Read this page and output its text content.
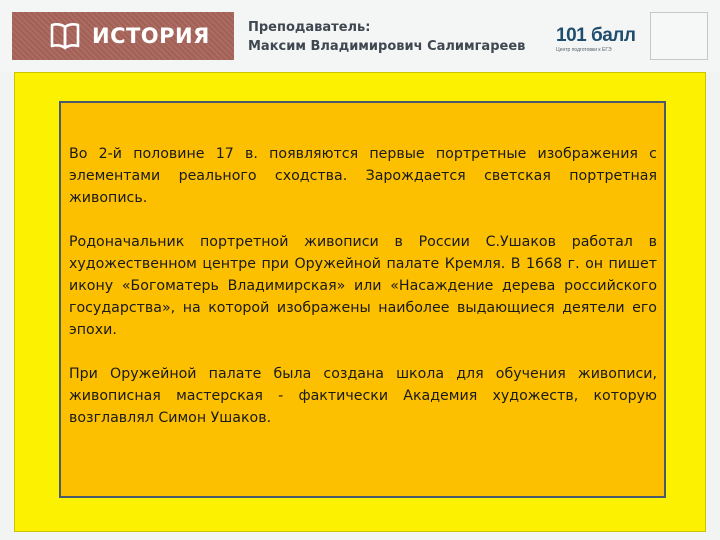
ИСТОРИЯ	Преподаватель:
Максим Владимирович Салимгареев
101 балл
Центр подготовки к ЕГЭ

Во 2-й половине 17 в. появляются первые портретные изображения с элементами реального сходства. Зарождается светская портретная живопись.

Родоначальник портретной живописи в России С.Ушаков работал в художественном центре при Оружейной палате Кремля. В 1668 г. он пишет икону «Богоматерь Владимирская» или «Насаждение дерева российского государства», на которой изображены наиболее выдающиеся деятели его эпохи.

При Оружейной палате была создана школа для обучения живописи, живописная мастерская - фактически Академия художеств, которую возглавлял Симон Ушаков.
